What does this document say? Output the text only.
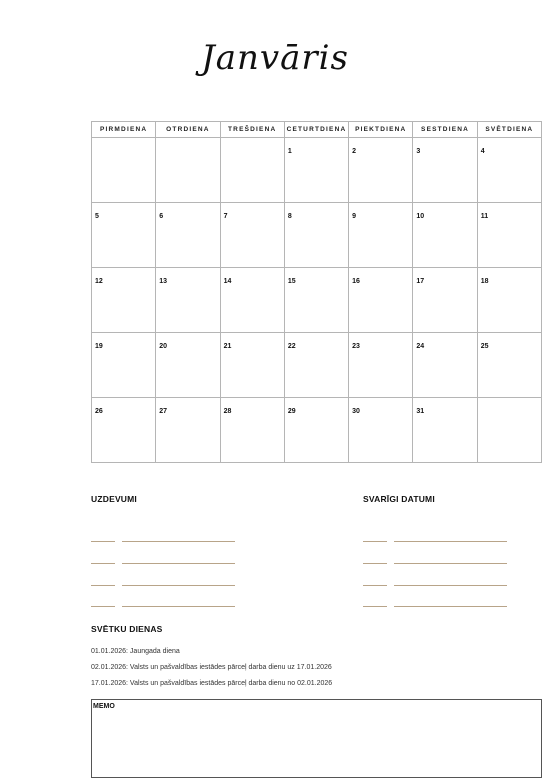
Janvāris
PIRMDIENA	OTRDIENA	TREŠDIENA	CETURTDIENA	PIEKTDIENA	SESTDIENA	SVĒTDIENA
			1	2	3	4
5	6	7	8	9	10	11
12	13	14	15	16	17	18
19	20	21	22	23	24	25
26	27	28	29	30	31	
UZDEVUMI	SVARĪGI DATUMI
SVĒTKU DIENAS
01.01.2026: Jaungada diena
02.01.2026: Valsts un pašvaldības iestādes pārceļ darba dienu uz 17.01.2026
17.01.2026: Valsts un pašvaldības iestādes pārceļ darba dienu no 02.01.2026
MEMO
